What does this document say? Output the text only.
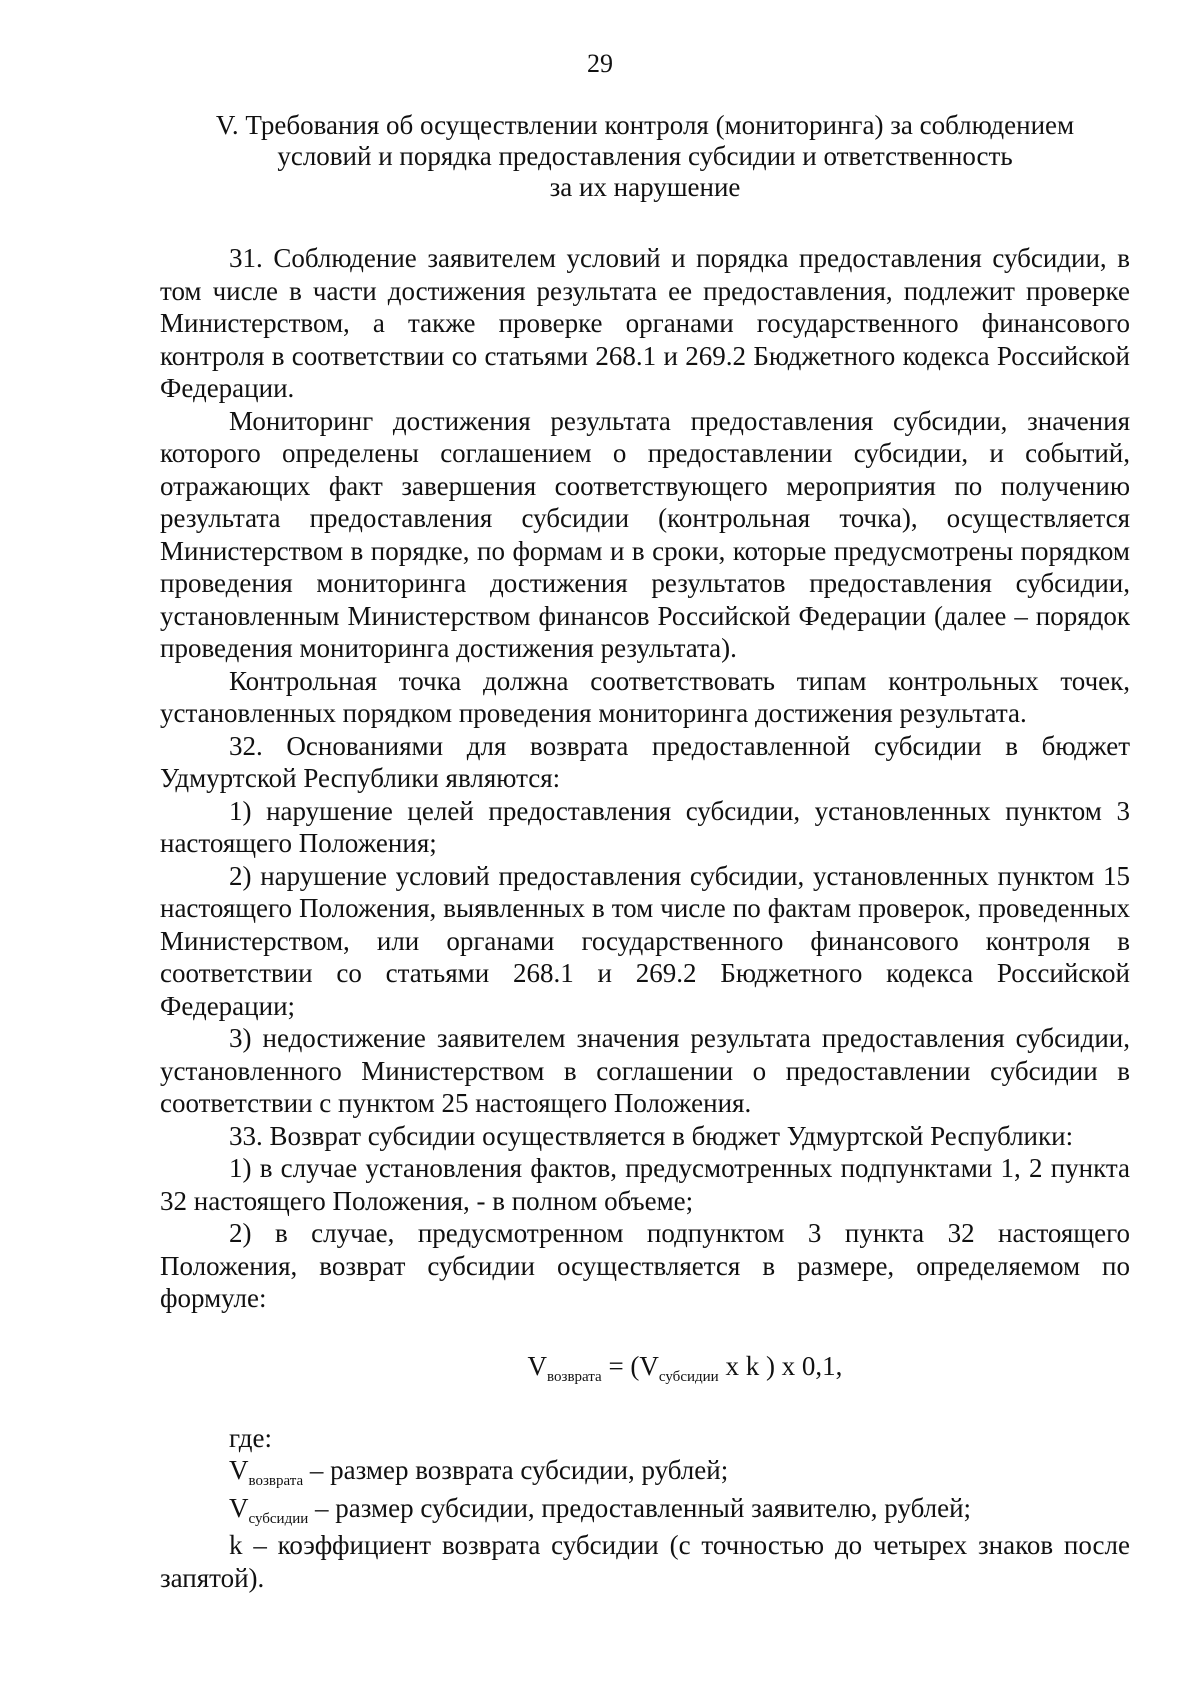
29
V. Требования об осуществлении контроля (мониторинга) за соблюдением
условий и порядка предоставления субсидии и ответственность
за их нарушение

31. Соблюдение заявителем условий и порядка предоставления субсидии, в том числе в части достижения результата ее предоставления, подлежит проверке Министерством, а также проверке органами государственного финансового контроля в соответствии со статьями 268.1 и 269.2 Бюджетного кодекса Российской Федерации.

Мониторинг достижения результата предоставления субсидии, значения которого определены соглашением о предоставлении субсидии, и событий, отражающих факт завершения соответствующего мероприятия по получению результата предоставления субсидии (контрольная точка), осуществляется Министерством в порядке, по формам и в сроки, которые предусмотрены порядком проведения мониторинга достижения результатов предоставления субсидии, установленным Министерством финансов Российской Федерации (далее – порядок проведения мониторинга достижения результата).

Контрольная точка должна соответствовать типам контрольных точек, установленных порядком проведения мониторинга достижения результата.

32. Основаниями для возврата предоставленной субсидии в бюджет Удмуртской Республики являются:

1) нарушение целей предоставления субсидии, установленных пунктом 3 настоящего Положения;

2) нарушение условий предоставления субсидии, установленных пунктом 15 настоящего Положения, выявленных в том числе по фактам проверок, проведенных Министерством, или органами государственного финансового контроля в соответствии со статьями 268.1 и 269.2 Бюджетного кодекса Российской Федерации;

3) недостижение заявителем значения результата предоставления субсидии, установленного Министерством в соглашении о предоставлении субсидии в соответствии с пунктом 25 настоящего Положения.

33. Возврат субсидии осуществляется в бюджет Удмуртской Республики:

1) в случае установления фактов, предусмотренных подпунктами 1, 2 пункта 32 настоящего Положения, - в полном объеме;

2) в случае, предусмотренном подпунктом 3 пункта 32 настоящего Положения, возврат субсидии осуществляется в размере, определяемом по формуле:

$V_{возврата} = (V_{субсидии}$ x k ) x 0,1,

где:

$V_{возврата}$ – размер возврата субсидии, рублей;

$V_{субсидии}$ – размер субсидии, предоставленный заявителю, рублей;

k – коэффициент возврата субсидии (с точностью до четырех знаков после запятой).
